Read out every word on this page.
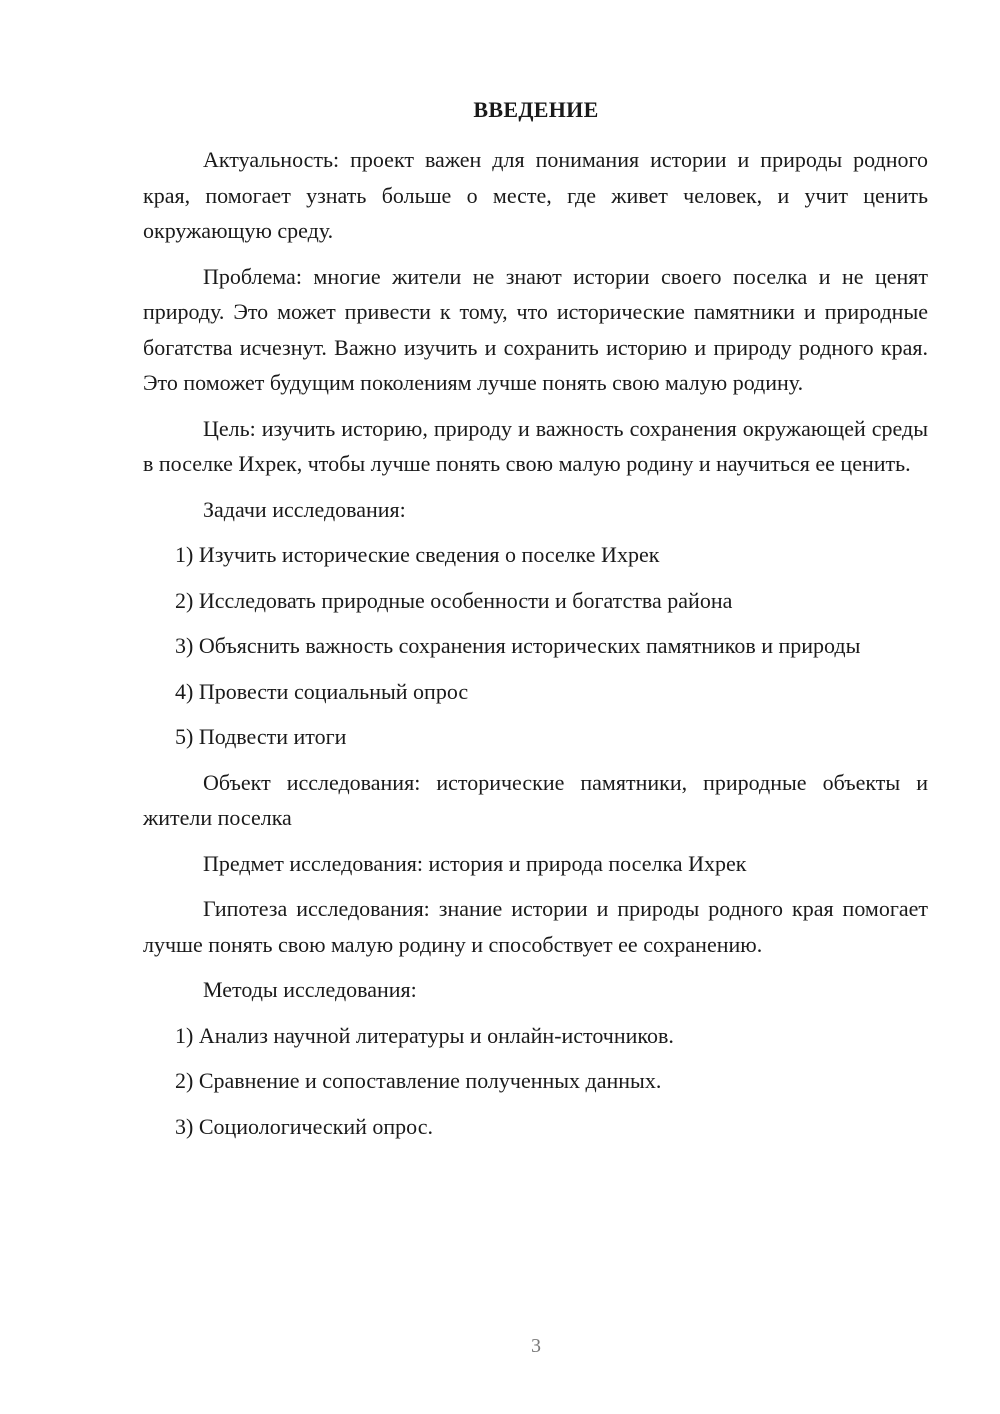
ВВЕДЕНИЕ

Актуальность: проект важен для понимания истории и природы родного края, помогает узнать больше о месте, где живет человек, и учит ценить окружающую среду.

Проблема: многие жители не знают истории своего поселка и не ценят природу. Это может привести к тому, что исторические памятники и природные богатства исчезнут. Важно изучить и сохранить историю и природу родного края. Это поможет будущим поколениям лучше понять свою малую родину.

Цель: изучить историю, природу и важность сохранения окружающей среды в поселке Ихрек, чтобы лучше понять свою малую родину и научиться ее ценить.

Задачи исследования:

1) Изучить исторические сведения о поселке Ихрек

2) Исследовать природные особенности и богатства района

3) Объяснить важность сохранения исторических памятников и природы

4) Провести социальный опрос

5) Подвести итоги

Объект исследования: исторические памятники, природные объекты и жители поселка

Предмет исследования: история и природа поселка Ихрек

Гипотеза исследования: знание истории и природы родного края помогает лучше понять свою малую родину и способствует ее сохранению.

Методы исследования:

1) Анализ научной литературы и онлайн-источников.

2) Сравнение и сопоставление полученных данных.

3) Социологический опрос.

3
